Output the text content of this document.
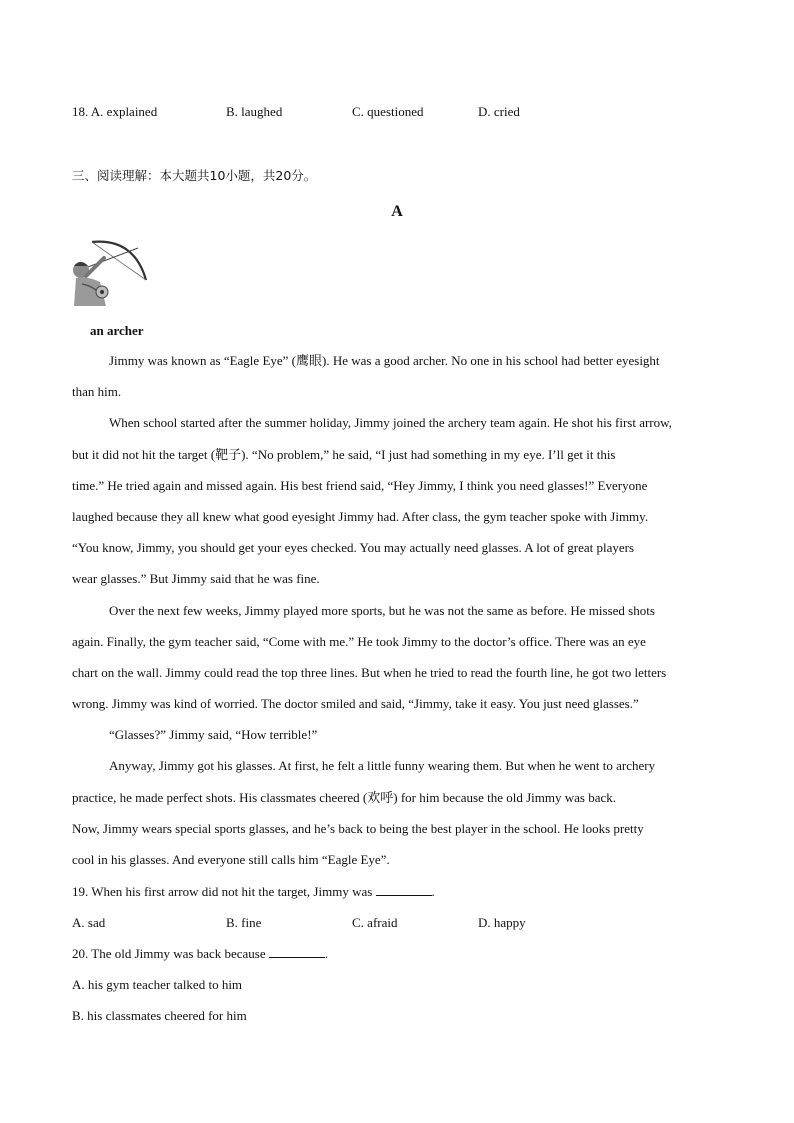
18. A. explained	B. laughed	C. questioned	D. cried
三、阅读理解：本大题共10小题，共20分。
A
an archer
Jimmy was known as “Eagle Eye” (鹰眼). He was a good archer. No one in his school had better eyesight
than him.
When school started after the summer holiday, Jimmy joined the archery team again. He shot his first arrow,
but it did not hit the target (靶子). “No problem,” he said, “I just had something in my eye. I’ll get it this
time.” He tried again and missed again. His best friend said, “Hey Jimmy, I think you need glasses!” Everyone
laughed because they all knew what good eyesight Jimmy had. After class, the gym teacher spoke with Jimmy.
“You know, Jimmy, you should get your eyes checked. You may actually need glasses. A lot of great players
wear glasses.” But Jimmy said that he was fine.
Over the next few weeks, Jimmy played more sports, but he was not the same as before. He missed shots
again. Finally, the gym teacher said, “Come with me.” He took Jimmy to the doctor’s office. There was an eye
chart on the wall. Jimmy could read the top three lines. But when he tried to read the fourth line, he got two letters
wrong. Jimmy was kind of worried. The doctor smiled and said, “Jimmy, take it easy. You just need glasses.”
“Glasses?” Jimmy said, “How terrible!”
Anyway, Jimmy got his glasses. At first, he felt a little funny wearing them. But when he went to archery
practice, he made perfect shots. His classmates cheered (欢呼) for him because the old Jimmy was back.
Now, Jimmy wears special sports glasses, and he’s back to being the best player in the school. He looks pretty
cool in his glasses. And everyone still calls him “Eagle Eye”.
19. When his first arrow did not hit the target, Jimmy was	.
A. sad	B. fine	C. afraid	D. happy
20. The old Jimmy was back because	.
A. his gym teacher talked to him
B. his classmates cheered for him
